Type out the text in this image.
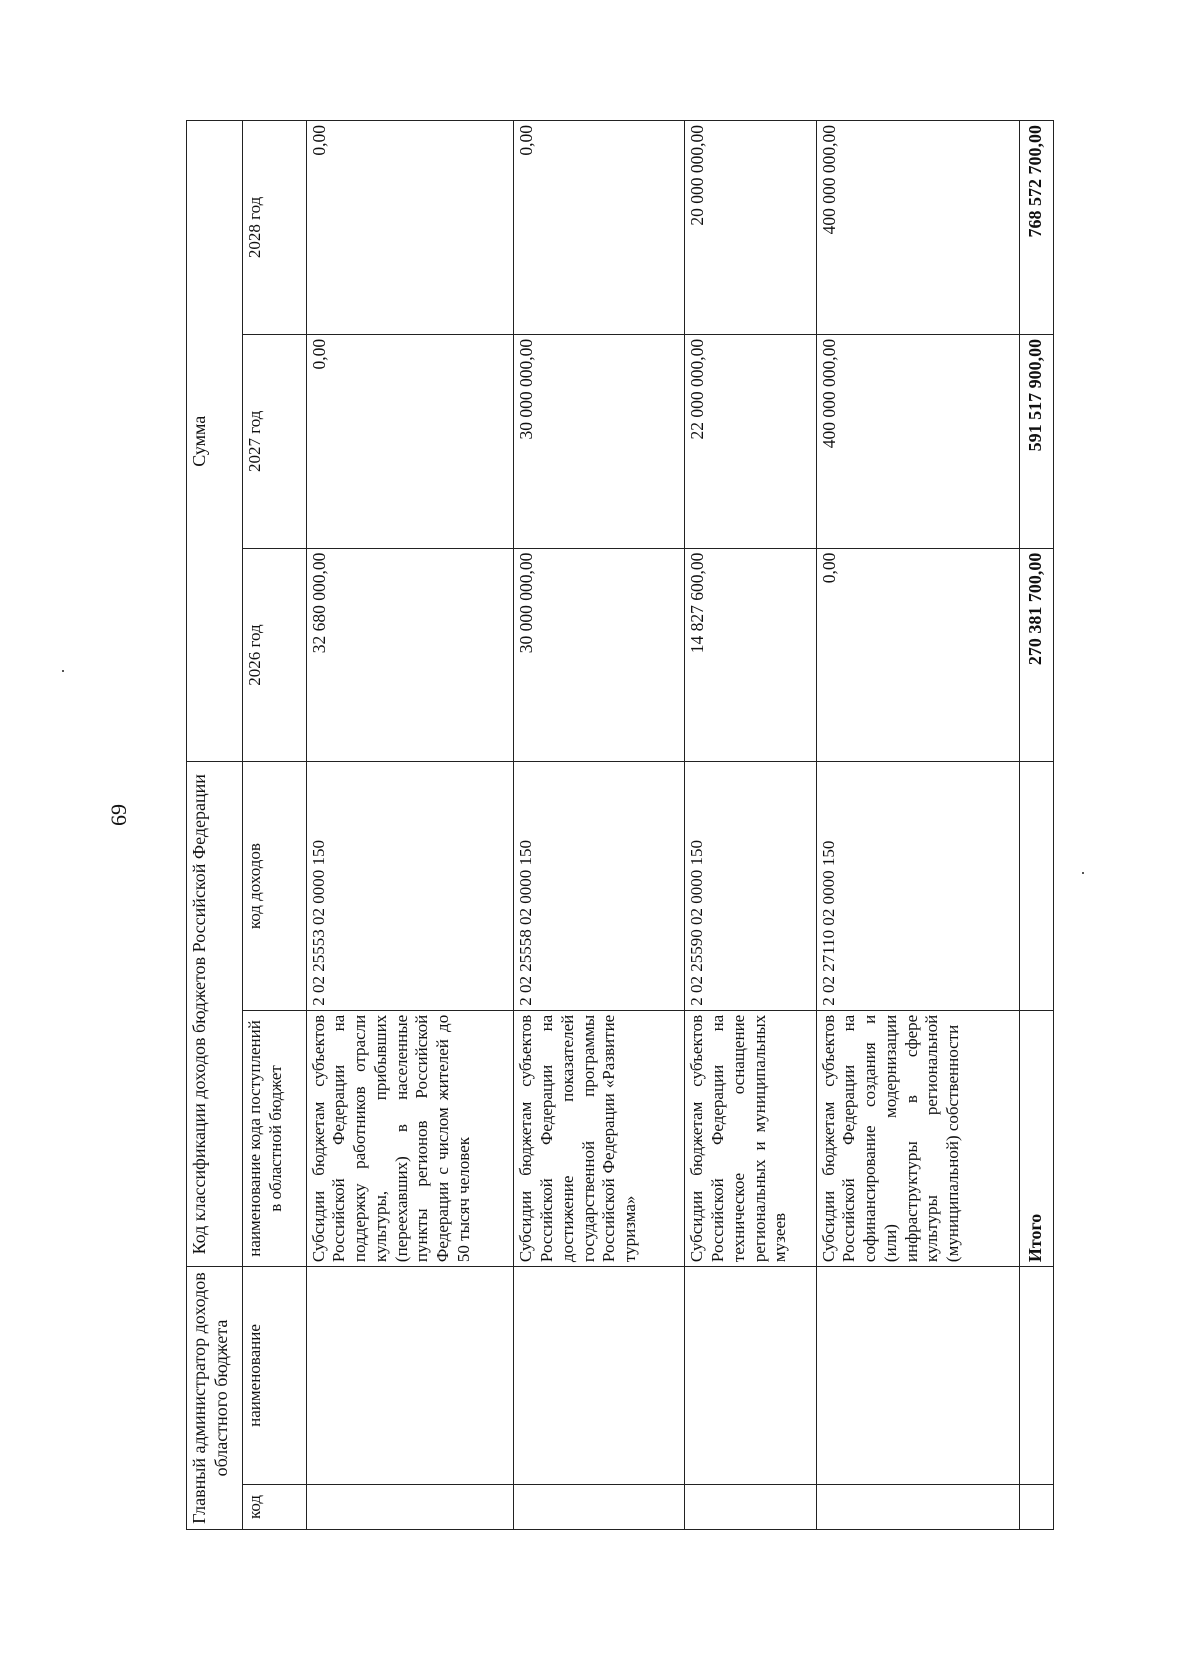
69
Главный администратор доходов областного бюджета		Код классификации доходов бюджетов Российской Федерации		Сумма		
код	наименование	наименование кода поступлений в областной бюджет	код доходов	2026 год	2027 год	2028 год
		Субсидии бюджетам субъектов Российской Федерации на поддержку работников отрасли культуры, прибывших (переехавших) в населенные пункты регионов Российской Федерации с числом жителей до 50 тысяч человек	2 02 25553 02 0000 150	32 680 000,00	0,00	0,00
		Субсидии бюджетам субъектов Российской Федерации на достижение показателей государственной программы Российской Федерации «Развитие туризма»	2 02 25558 02 0000 150	30 000 000,00	30 000 000,00	0,00
		Субсидии бюджетам субъектов Российской Федерации на техническое оснащение региональных и муниципальных музеев	2 02 25590 02 0000 150	14 827 600,00	22 000 000,00	20 000 000,00
		Субсидии бюджетам субъектов Российской Федерации на софинансирование создания и (или) модернизации инфраструктуры в сфере культуры региональной (муниципальной) собственности	2 02 27110 02 0000 150	0,00	400 000 000,00	400 000 000,00
		Итого		270 381 700,00	591 517 900,00	768 572 700,00
